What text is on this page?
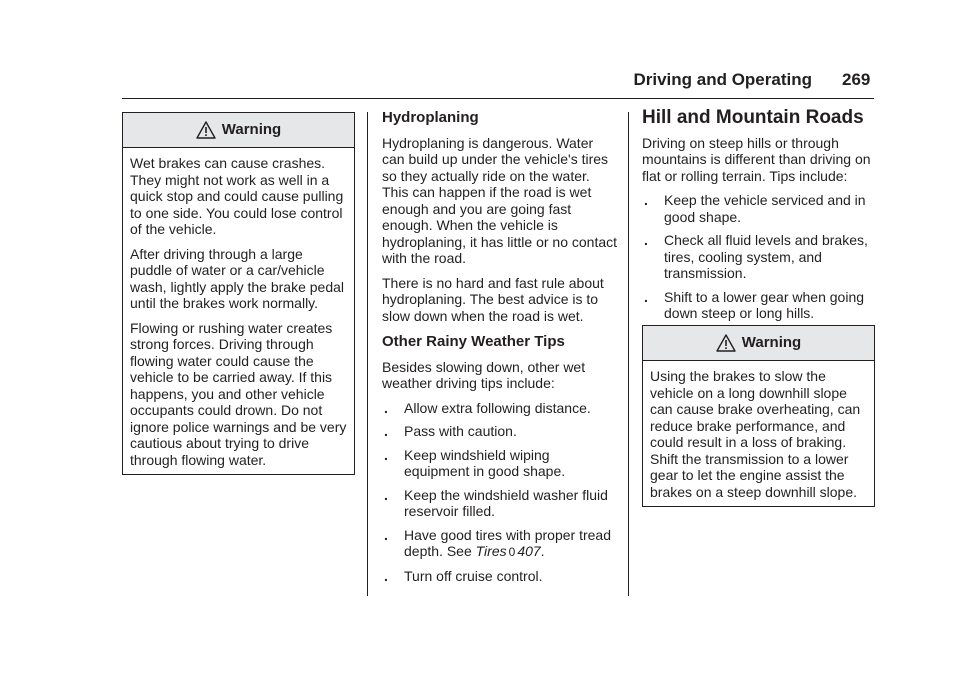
Driving and Operating 269
Warning

Wet brakes can cause crashes. They might not work as well in a quick stop and could cause pulling to one side. You could lose control of the vehicle.

After driving through a large puddle of water or a car/vehicle wash, lightly apply the brake pedal until the brakes work normally.

Flowing or rushing water creates strong forces. Driving through flowing water could cause the vehicle to be carried away. If this happens, you and other vehicle occupants could drown. Do not ignore police warnings and be very cautious about trying to drive through flowing water.

Hydroplaning

Hydroplaning is dangerous. Water can build up under the vehicle's tires so they actually ride on the water. This can happen if the road is wet enough and you are going fast enough. When the vehicle is hydroplaning, it has little or no contact with the road.

There is no hard and fast rule about hydroplaning. The best advice is to slow down when the road is wet.

Other Rainy Weather Tips

Besides slowing down, other wet weather driving tips include:

. Allow extra following distance.
. Pass with caution.
. Keep windshield wiping equipment in good shape.
. Keep the windshield washer fluid reservoir filled.
. Have good tires with proper tread depth. See Tires 0 407.
. Turn off cruise control.
Hill and Mountain Roads

Driving on steep hills or through mountains is different than driving on flat or rolling terrain. Tips include:

. Keep the vehicle serviced and in good shape.
. Check all fluid levels and brakes, tires, cooling system, and transmission.
. Shift to a lower gear when going down steep or long hills.
Warning

Using the brakes to slow the vehicle on a long downhill slope can cause brake overheating, can reduce brake performance, and could result in a loss of braking. Shift the transmission to a lower gear to let the engine assist the brakes on a steep downhill slope.
